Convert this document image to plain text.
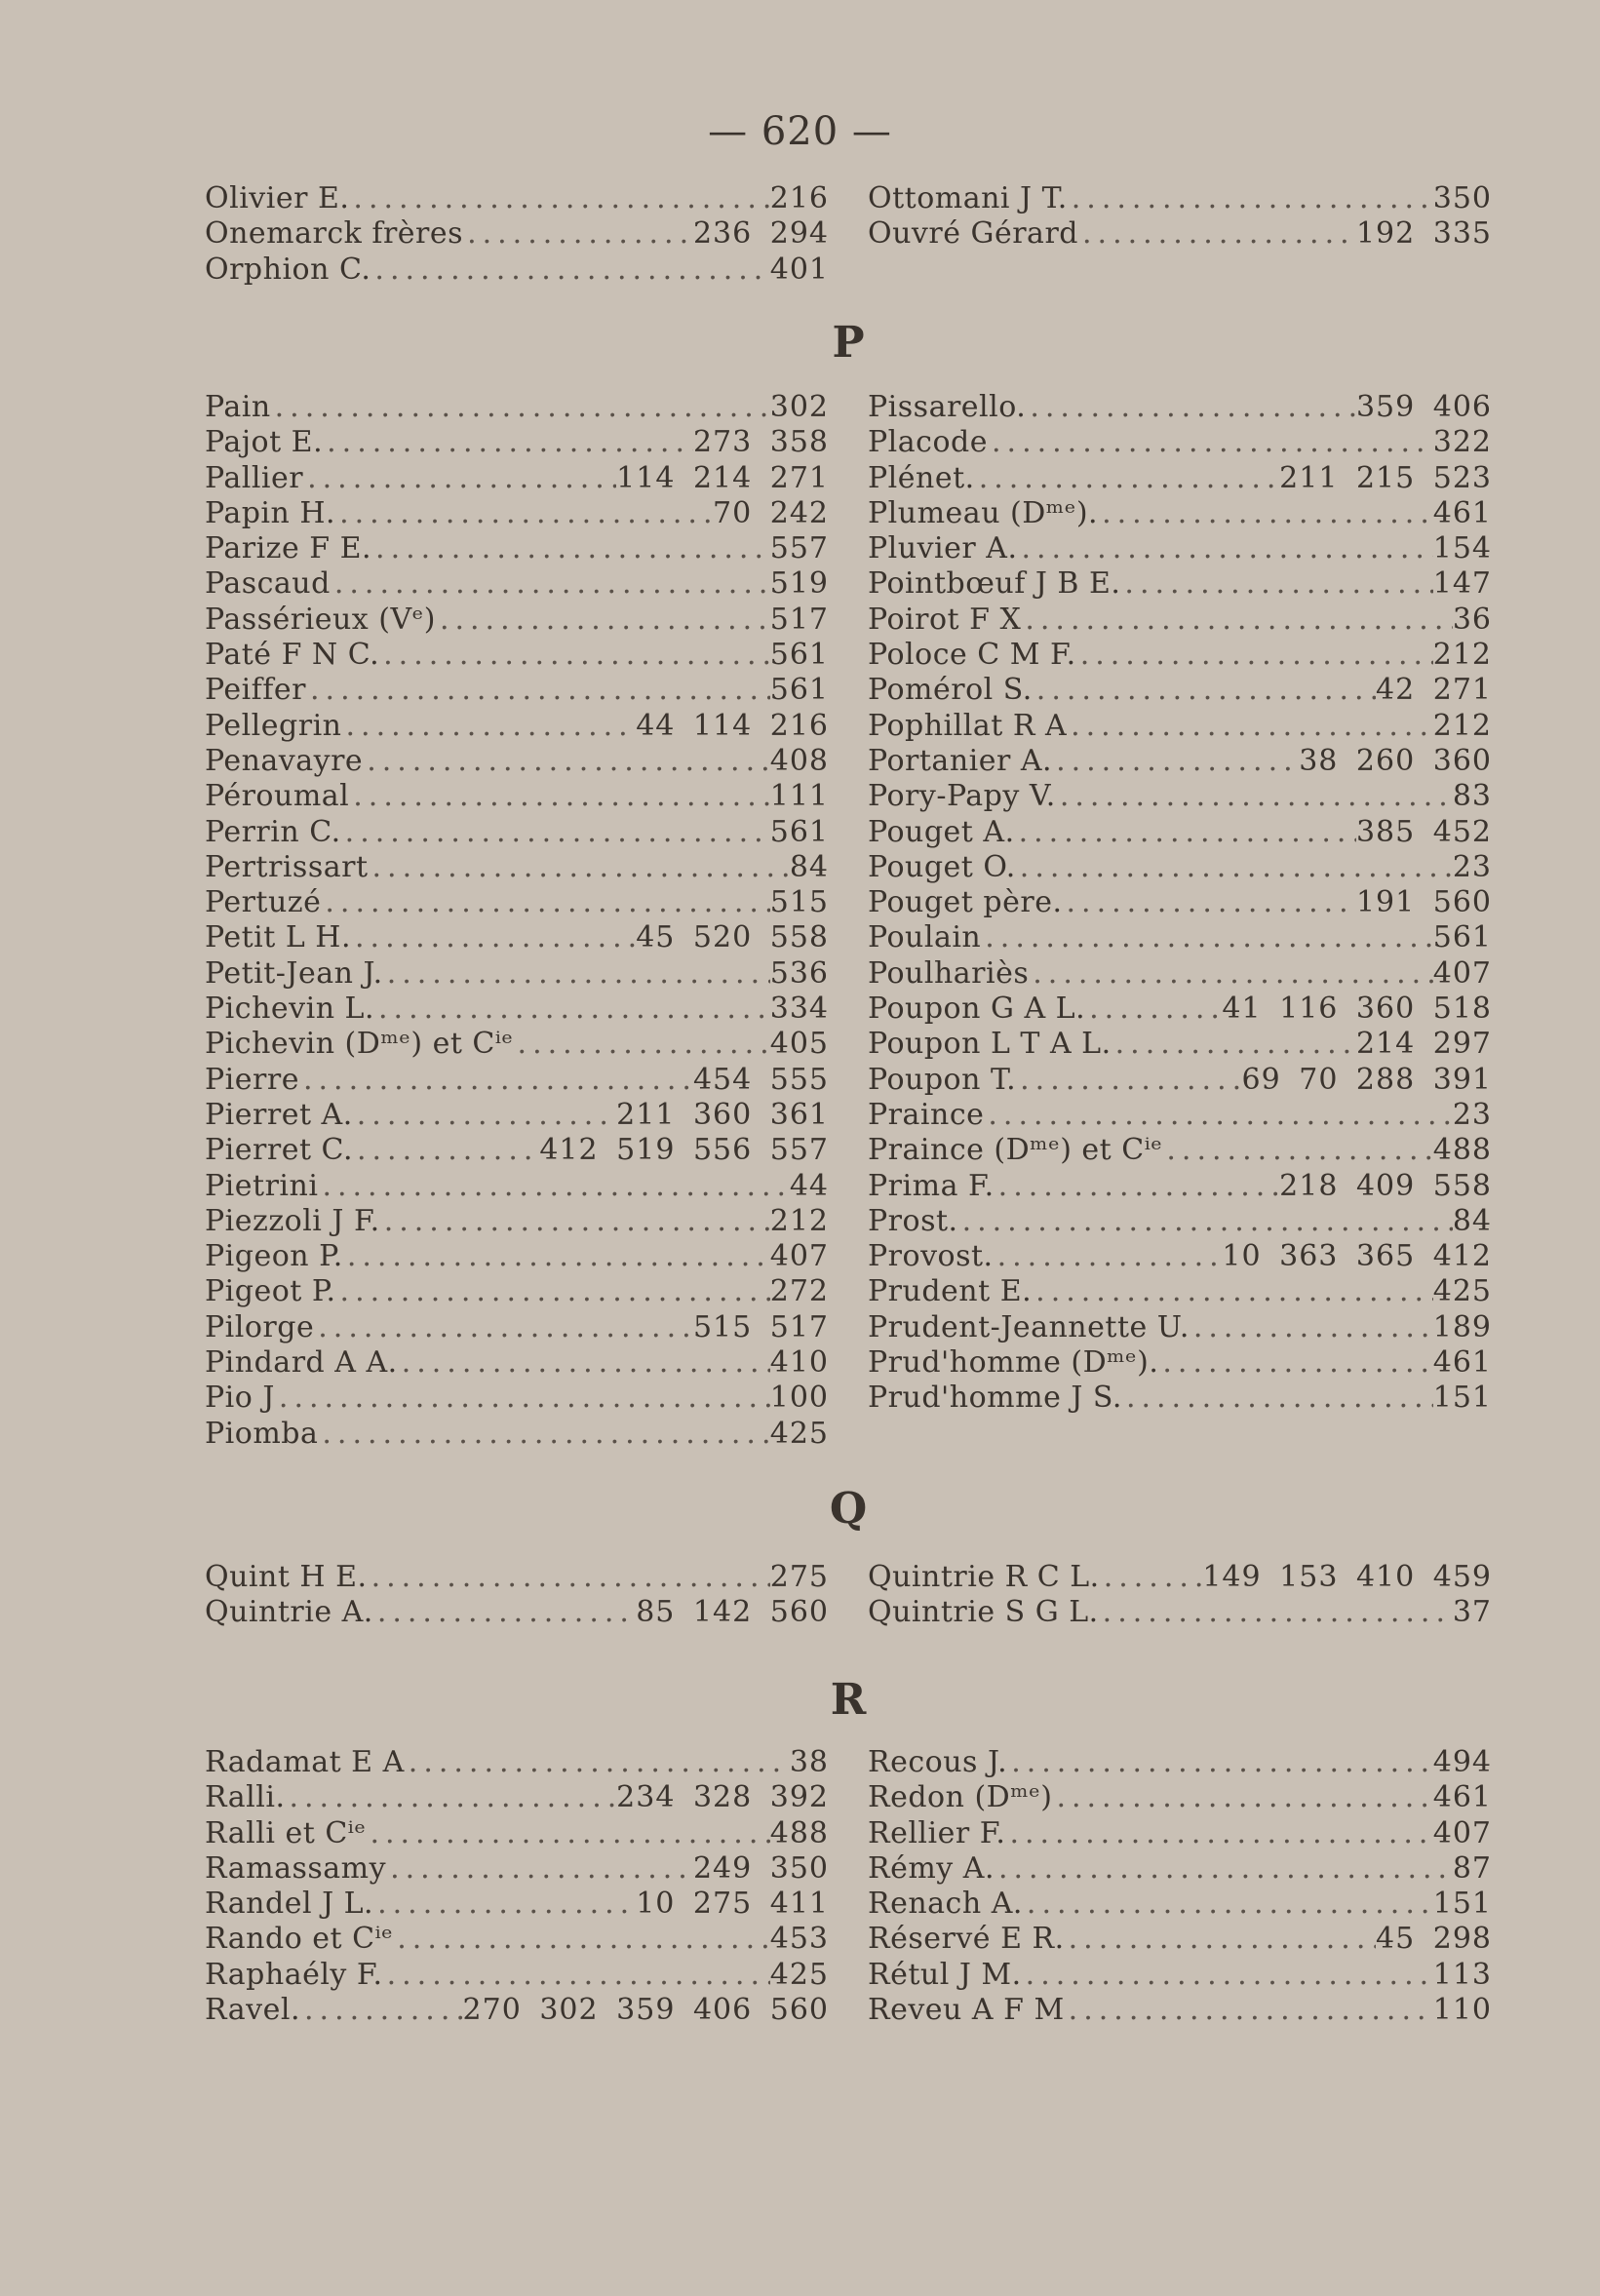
— 620 —
Olivier E. .....	216
Onemarck frères .....	236 294
Orphion C. .....	401
Ottomani J T. .....	350
Ouvré Gérard .....	192 335
P
Pain .....	302
Pajot E. .....	273 358
Pallier .....	114 214 271
Papin H. .....	70 242
Parize F E. .....	557
Pascaud .....	519
Passérieux (Vᵉ) .....	517
Paté F N C. .....	561
Peiffer .....	561
Pellegrin .....	44 114 216
Penavayre .....	408
Péroumal .....	111
Perrin C. .....	561
Pertrissart .....	84
Pertuzé .....	515
Petit L H. .....	45 520 558
Petit-Jean J. .....	536
Pichevin L. .....	334
Pichevin (Dᵐᵉ) et Cⁱᵉ .....	405
Pierre .....	454 555
Pierret A. .....	211 360 361
Pierret C. .....	412 519 556 557
Pietrini .....	44
Piezzoli J F. .....	212
Pigeon P. .....	407
Pigeot P. .....	272
Pilorge .....	515 517
Pindard A A. .....	410
Pio J .....	100
Piomba .....	425
Pissarello. .....	359 406
Placode .....	322
Plénet. .....	211 215 523
Plumeau (Dᵐᵉ). .....	461
Pluvier A. .....	154
Pointbœuf J B E. .....	147
Poirot F X .....	36
Poloce C M F. .....	212
Pomérol S. .....	42 271
Pophillat R A .....	212
Portanier A. .....	38 260 360
Pory-Papy V. .....	83
Pouget A. .....	385 452
Pouget O. .....	23
Pouget père. .....	191 560
Poulain .....	561
Poulhariès .....	407
Poupon G A L. .....	41 116 360 518
Poupon L T A L. .....	214 297
Poupon T. .....	69 70 288 391
Praince .....	23
Praince (Dᵐᵉ) et Cⁱᵉ .....	488
Prima F. .....	218 409 558
Prost. .....	84
Provost. .....	10 363 365 412
Prudent E. .....	425
Prudent-Jeannette U. .....	189
Prud'homme (Dᵐᵉ). .....	461
Prud'homme J S. .....	151
Q
Quint H E. .....	275
Quintrie A. .....	85 142 560
Quintrie R C L. .....	149 153 410 459
Quintrie S G L. .....	37
R
Radamat E A .....	38
Ralli. .....	234 328 392
Ralli et Cⁱᵉ .....	488
Ramassamy .....	249 350
Randel J L. .....	10 275 411
Rando et Cⁱᵉ .....	453
Raphaély F. .....	425
Ravel. .....	270 302 359 406 560
Recous J. .....	494
Redon (Dᵐᵉ) .....	461
Rellier F. .....	407
Rémy A. .....	87
Renach A. .....	151
Réservé E R. .....	45 298
Rétul J M. .....	113
Reveu A F M .....	110
